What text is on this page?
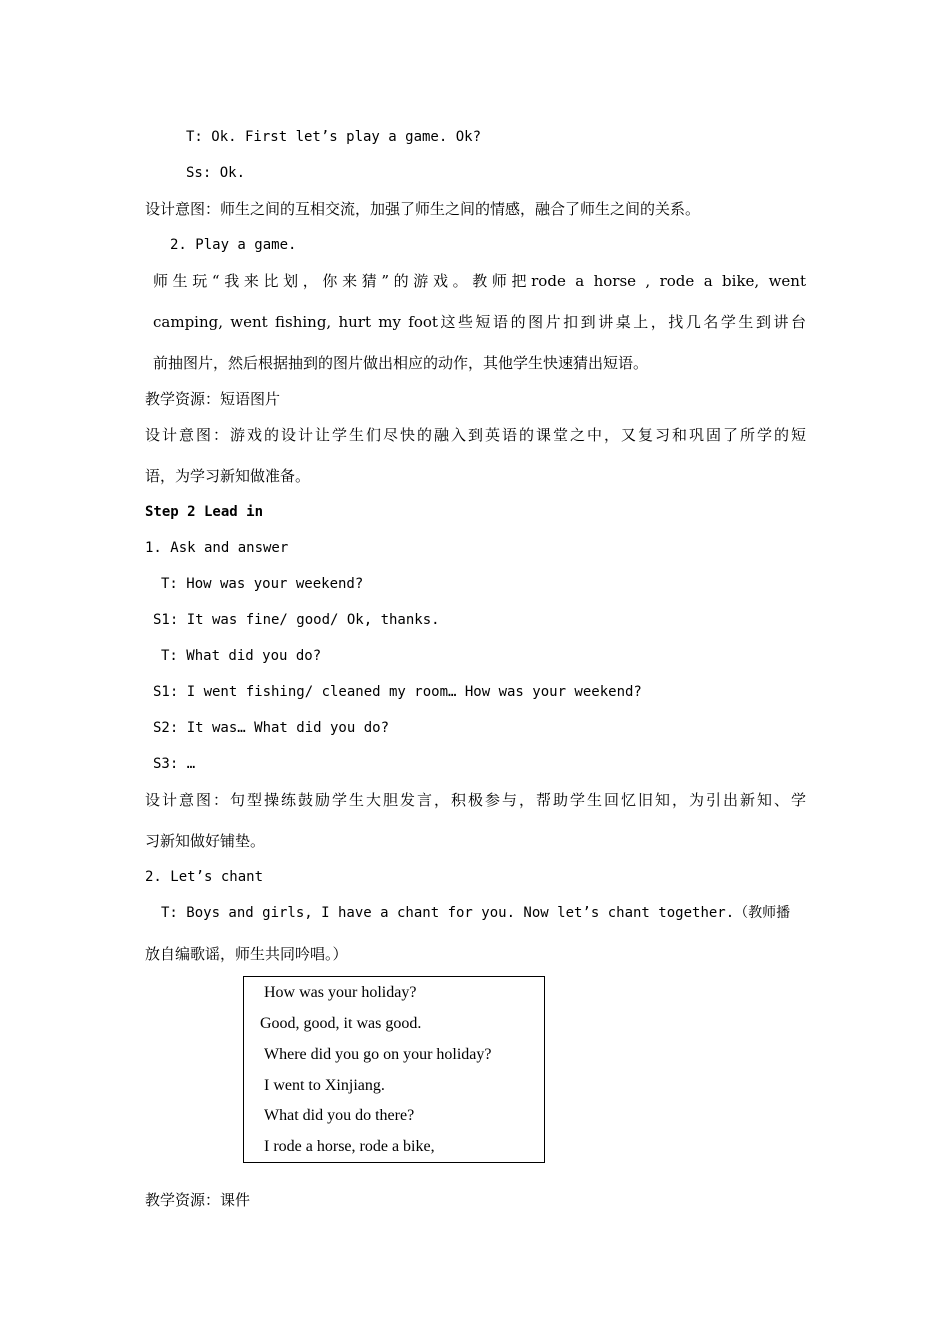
T: Ok. First let’s play a game. Ok?

Ss: Ok.

设计意图：师生之间的互相交流，加强了师生之间的情感，融合了师生之间的关系。

2. Play a game.

师生玩“我来比划，你来猜”的游戏。教师把rode a horse , rode a bike, went

camping, went fishing, hurt my foot这些短语的图片扣到讲桌上，找几名学生到讲台

前抽图片，然后根据抽到的图片做出相应的动作，其他学生快速猜出短语。

教学资源：短语图片

设计意图：游戏的设计让学生们尽快的融入到英语的课堂之中，又复习和巩固了所学的短

语，为学习新知做准备。

Step 2 Lead in

1. Ask and answer

T: How was your weekend?

S1: It was fine/ good/ Ok, thanks.

T: What did you do?

S1: I went fishing/ cleaned my room… How was your weekend?

S2: It was… What did you do?

S3: …

设计意图：句型操练鼓励学生大胆发言，积极参与，帮助学生回忆旧知，为引出新知、学

习新知做好铺垫。

2. Let’s chant

T: Boys and girls, I have a chant for you. Now let’s chant together.（教师播

放自编歌谣，师生共同吟唱。）

How was your holiday?
Good, good, it was good.
Where did you go on your holiday?
I went to Xinjiang.
What did you do there?
I rode a horse, rode a bike,

教学资源：课件
